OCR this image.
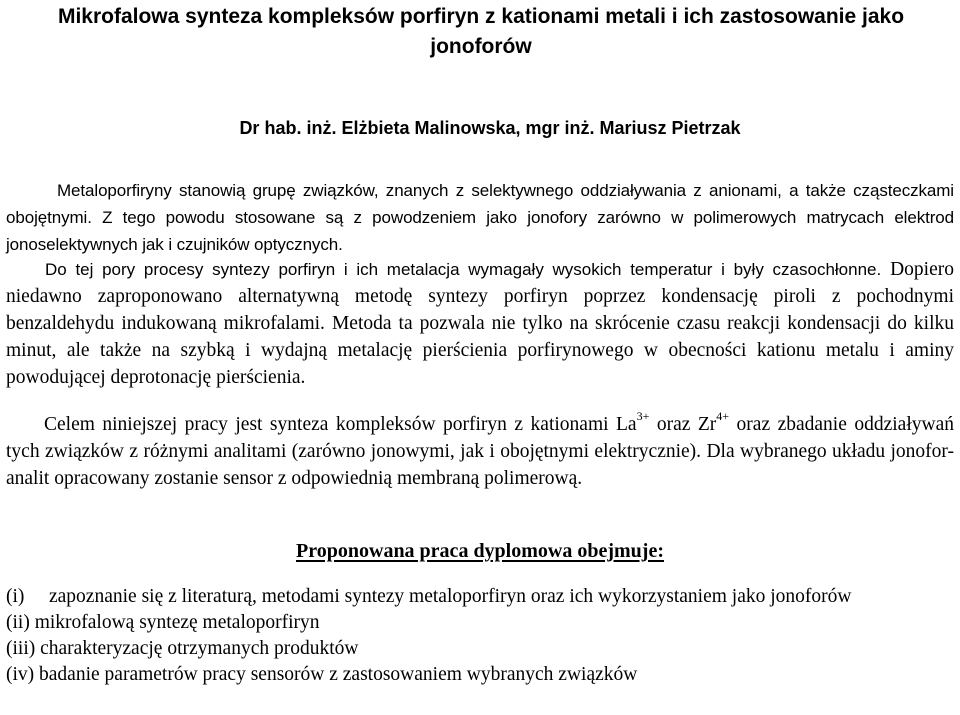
Mikrofalowa synteza kompleksów porfiryn z kationami metali i ich zastosowanie jako jonoforów

Dr hab. inż. Elżbieta Malinowska, mgr inż. Mariusz Pietrzak

Metaloporfiryny stanowią grupę związków, znanych z selektywnego oddziaływania z anionami, a także cząsteczkami obojętnymi. Z tego powodu stosowane są z powodzeniem jako jonofory zarówno w polimerowych matrycach elektrod jonoselektywnych jak i czujników optycznych.

Do tej pory procesy syntezy porfiryn i ich metalacja wymagały wysokich temperatur i były czasochłonne. Dopiero niedawno zaproponowano alternatywną metodę syntezy porfiryn poprzez kondensację piroli z pochodnymi benzaldehydu indukowaną mikrofalami. Metoda ta pozwala nie tylko na skrócenie czasu reakcji kondensacji do kilku minut, ale także na szybką i wydajną metalację pierścienia porfirynowego w obecności kationu metalu i aminy powodującej deprotonację pierścienia.

Celem niniejszej pracy jest synteza kompleksów porfiryn z kationami $La^{3+}$ oraz $Zr^{4+}$ oraz zbadanie oddziaływań tych związków z różnymi analitami (zarówno jonowymi, jak i obojętnymi elektrycznie). Dla wybranego układu jonofor-analit opracowany zostanie sensor z odpowiednią membraną polimerową.

Proponowana praca dyplomowa obejmuje:
(i) zapoznanie się z literaturą, metodami syntezy metaloporfiryn oraz ich wykorzystaniem jako jonoforów
(ii) mikrofalową syntezę metaloporfiryn
(iii) charakteryzację otrzymanych produktów
(iv) badanie parametrów pracy sensorów z zastosowaniem wybranych związków
